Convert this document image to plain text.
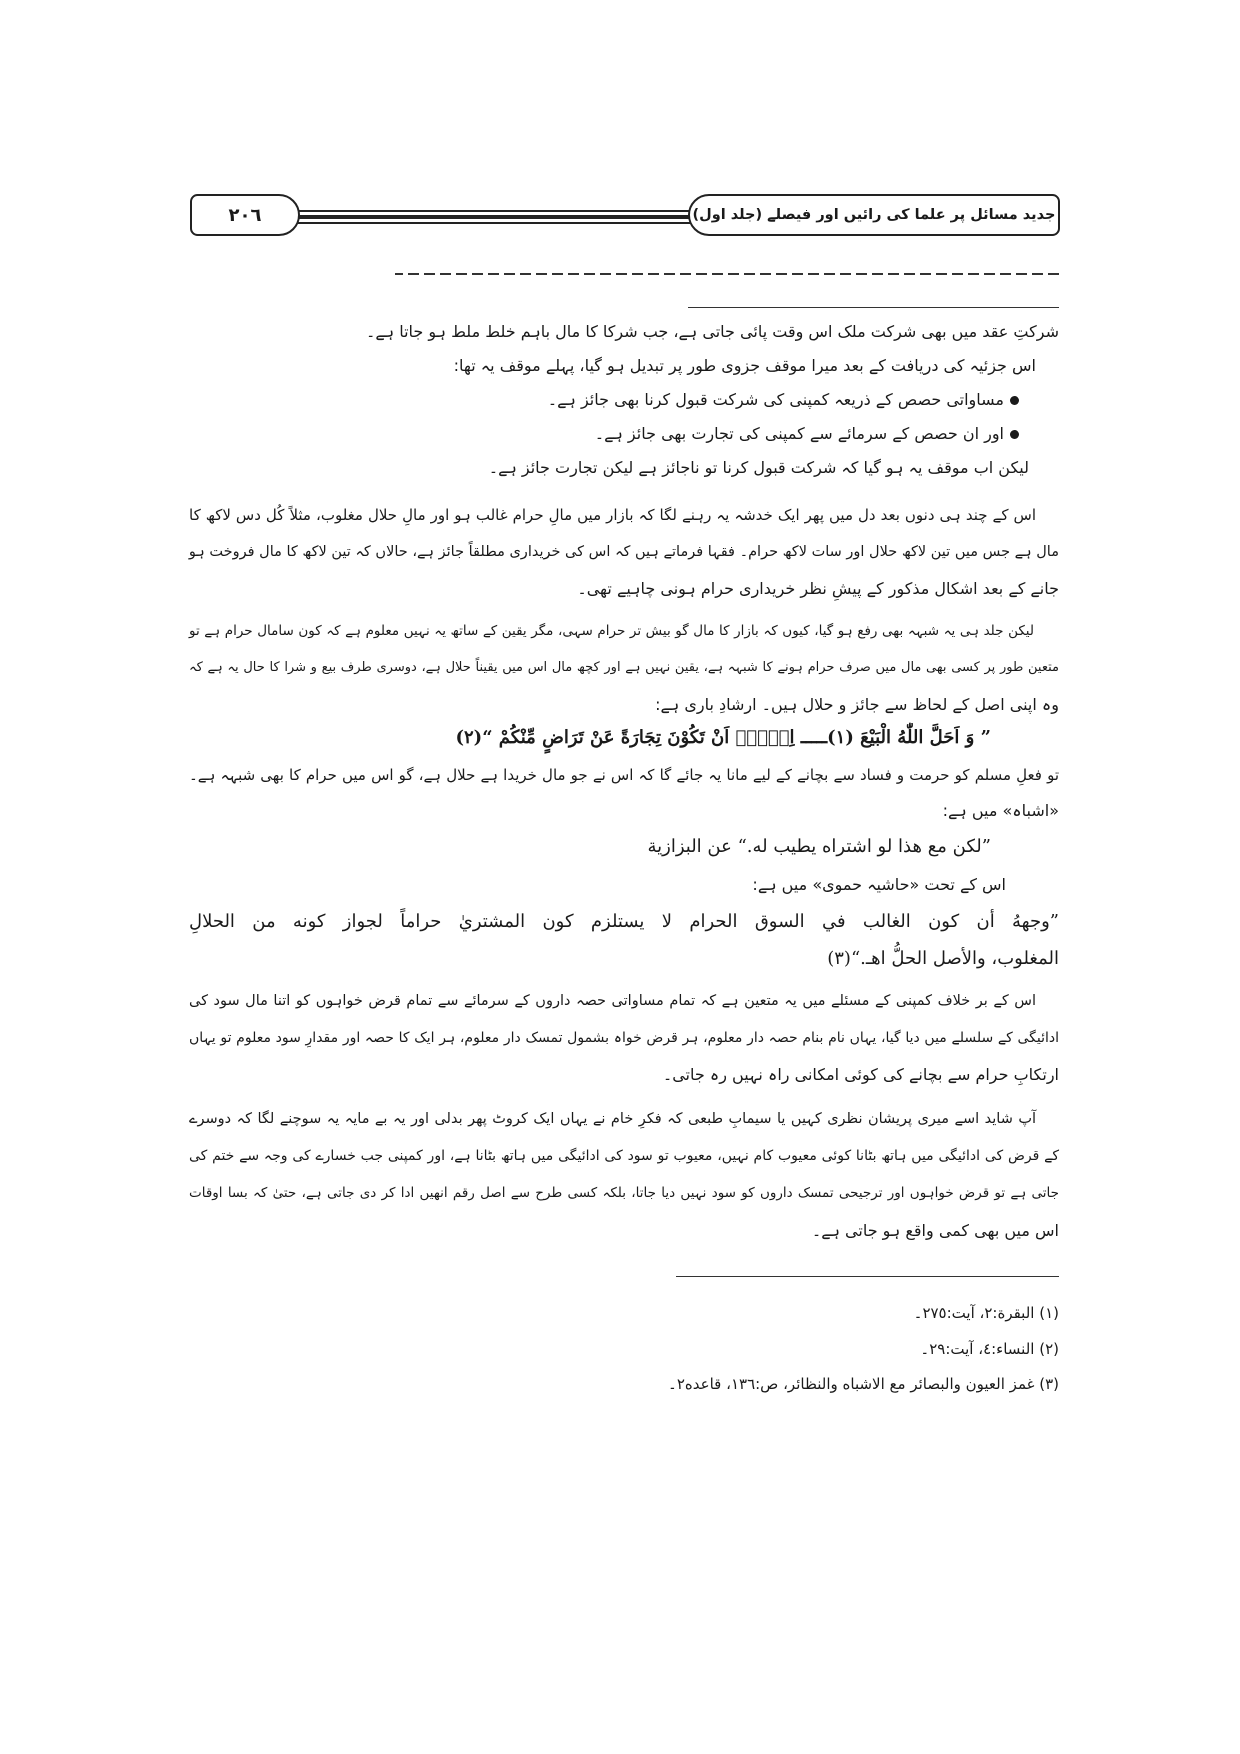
جدید مسائل پر علما کی رائیں اور فیصلے (جلد اول)
٢٠٦
شرکتِ عقد میں بھی شرکت ملک اس وقت پائی جاتی ہے، جب شرکا کا مال باہم خلط ملط ہو جاتا ہے۔
اس جزئیہ کی دریافت کے بعد میرا موقف جزوی طور پر تبدیل ہو گیا، پہلے موقف یہ تھا:
مساواتی حصص کے ذریعہ کمپنی کی شرکت قبول کرنا بھی جائز ہے۔
اور ان حصص کے سرمائے سے کمپنی کی تجارت بھی جائز ہے۔
لیکن اب موقف یہ ہو گیا کہ شرکت قبول کرنا تو ناجائز ہے لیکن تجارت جائز ہے۔
اس کے چند ہی دنوں بعد دل میں پھر ایک خدشہ یہ رہنے لگا کہ بازار میں مالِ حرام غالب ہو اور مالِ حلال مغلوب، مثلاً کُل دس لاکھ کا
مال ہے جس میں تین لاکھ حلال اور سات لاکھ حرام۔ فقہا فرماتے ہیں کہ اس کی خریداری مطلقاً جائز ہے، حالاں کہ تین لاکھ کا مال فروخت ہو
جانے کے بعد اشکال مذکور کے پیشِ نظر خریداری حرام ہونی چاہیے تھی۔
لیکن جلد ہی یہ شبہہ بھی رفع ہو گیا، کیوں کہ بازار کا مال گو بیش تر حرام سہی، مگر یقین کے ساتھ یہ نہیں معلوم ہے کہ کون سامال حرام ہے تو
متعین طور پر کسی بھی مال میں صرف حرام ہونے کا شبہہ ہے، یقین نہیں ہے اور کچھ مال اس میں یقیناً حلال ہے، دوسری طرف بیع و شرا کا حال یہ ہے کہ
وہ اپنی اصل کے لحاظ سے جائز و حلال ہیں۔ ارشادِ باری ہے:
” وَ اَحَلَّ اللّٰهُ الْبَيْعَ (١)ـــــ اِلَّاۤ اَنْ تَكُوْنَ تِجَارَةً عَنْ تَرَاضٍ مِّنْكُمْ “(٢)
تو فعلِ مسلم کو حرمت و فساد سے بچانے کے لیے مانا یہ جائے گا کہ اس نے جو مال خریدا ہے حلال ہے، گو اس میں حرام کا بھی شبہہ ہے۔
«اشباہ» میں ہے:
”لکن مع هذا لو اشتراه يطيب له.“ عن البزازية
اس کے تحت «حاشیہ حموی» میں ہے:
”وجههُ أن كون الغالب في السوق الحرام لا يستلزم كون المشتريٰ حراماً لجواز كونه من الحلالِ
المغلوب، والأصل الحلُّ اهـ.“(٣)
اس کے بر خلاف کمپنی کے مسئلے میں یہ متعین ہے کہ تمام مساواتی حصہ داروں کے سرمائے سے تمام قرض خواہوں کو اتنا مال سود کی
ادائیگی کے سلسلے میں دیا گیا، یہاں نام بنام حصہ دار معلوم، ہر قرض خواہ بشمول تمسک دار معلوم، ہر ایک کا حصہ اور مقدارِ سود معلوم تو یہاں
ارتکابِ حرام سے بچانے کی کوئی امکانی راہ نہیں رہ جاتی۔
آپ شاید اسے میری پریشان نظری کہیں یا سیمابِ طبعی کہ فکرِ خام نے یہاں ایک کروٹ پھر بدلی اور یہ بے مایہ یہ سوچنے لگا کہ دوسرے
کے قرض کی ادائیگی میں ہاتھ بٹانا کوئی معیوب کام نہیں، معیوب تو سود کی ادائیگی میں ہاتھ بٹانا ہے، اور کمپنی جب خسارے کی وجہ سے ختم کی
جاتی ہے تو قرض خواہوں اور ترجیحی تمسک داروں کو سود نہیں دیا جاتا، بلکہ کسی طرح سے اصل رقم انھیں ادا کر دی جاتی ہے، حتیٰ کہ بسا اوقات
اس میں بھی کمی واقع ہو جاتی ہے۔
(١) البقرة:٢، آیت:٢٧٥۔
(٢) النساء:٤، آیت:٢٩۔
(٣) غمز العيون والبصائر مع الاشباه والنظائر، ص:١٣٦، قاعده٢۔
